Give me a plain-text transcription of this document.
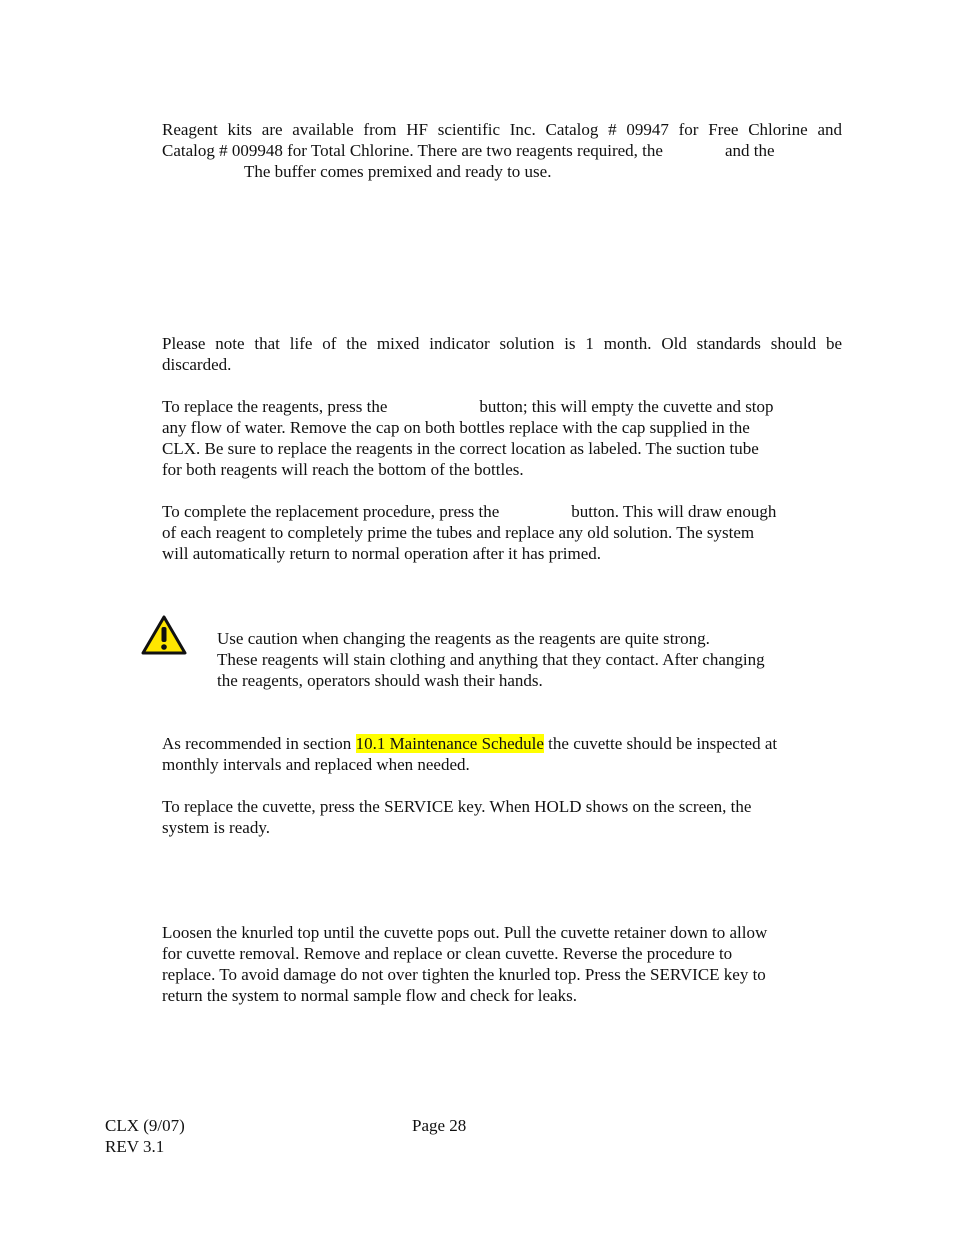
Reagent kits are available from HF scientific Inc. Catalog # 09947 for Free Chlorine and
Catalog # 009948 for Total Chlorine. There are two reagents required, the	and the
The buffer comes premixed and ready to use.
Please note that life of the mixed indicator solution is 1 month. Old standards should be
discarded.
To replace the reagents, press the	button; this will empty the cuvette and stop
any flow of water. Remove the cap on both bottles replace with the cap supplied in the
CLX. Be sure to replace the reagents in the correct location as labeled. The suction tube
for both reagents will reach the bottom of the bottles.
To complete the replacement procedure, press the	button. This will draw enough
of each reagent to completely prime the tubes and replace any old solution. The system
will automatically return to normal operation after it has primed.
Use caution when changing the reagents as the reagents are quite strong.
These reagents will stain clothing and anything that they contact. After changing
the reagents, operators should wash their hands.
As recommended in section 10.1 Maintenance Schedule the cuvette should be inspected at
monthly intervals and replaced when needed.
To replace the cuvette, press the SERVICE key. When HOLD shows on the screen, the
system is ready.
Loosen the knurled top until the cuvette pops out. Pull the cuvette retainer down to allow
for cuvette removal. Remove and replace or clean cuvette. Reverse the procedure to
replace. To avoid damage do not over tighten the knurled top. Press the SERVICE key to
return the system to normal sample flow and check for leaks.
CLX (9/07)
REV 3.1
Page 28
